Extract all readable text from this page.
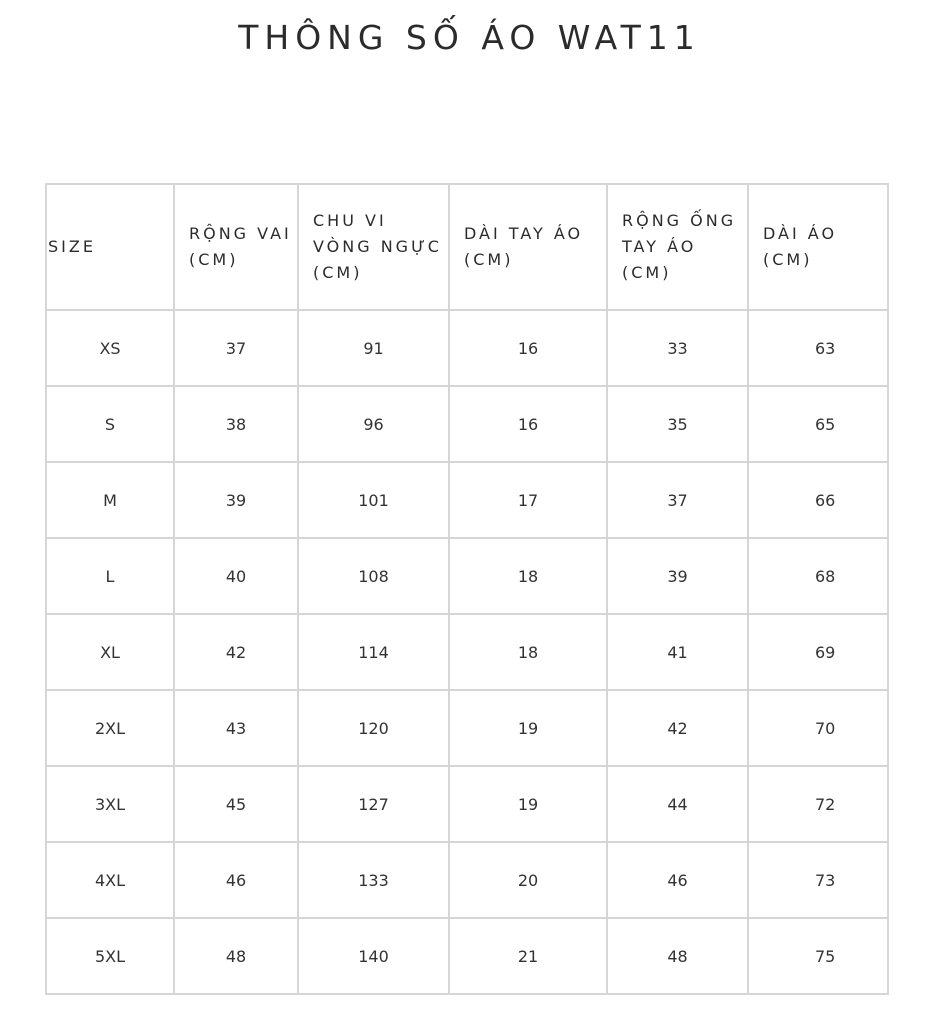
THÔNG SỐ ÁO WAT11
SIZE	RỘNG VAI (CM)	CHU VI VÒNG NGỰC (CM)	DÀI TAY ÁO (CM)	RỘNG ỐNG TAY ÁO (CM)	DÀI ÁO (CM)

XS	37	91	16	33	63
S	38	96	16	35	65
M	39	101	17	37	66
L	40	108	18	39	68
XL	42	114	18	41	69
2XL	43	120	19	42	70
3XL	45	127	19	44	72
4XL	46	133	20	46	73
5XL	48	140	21	48	75
